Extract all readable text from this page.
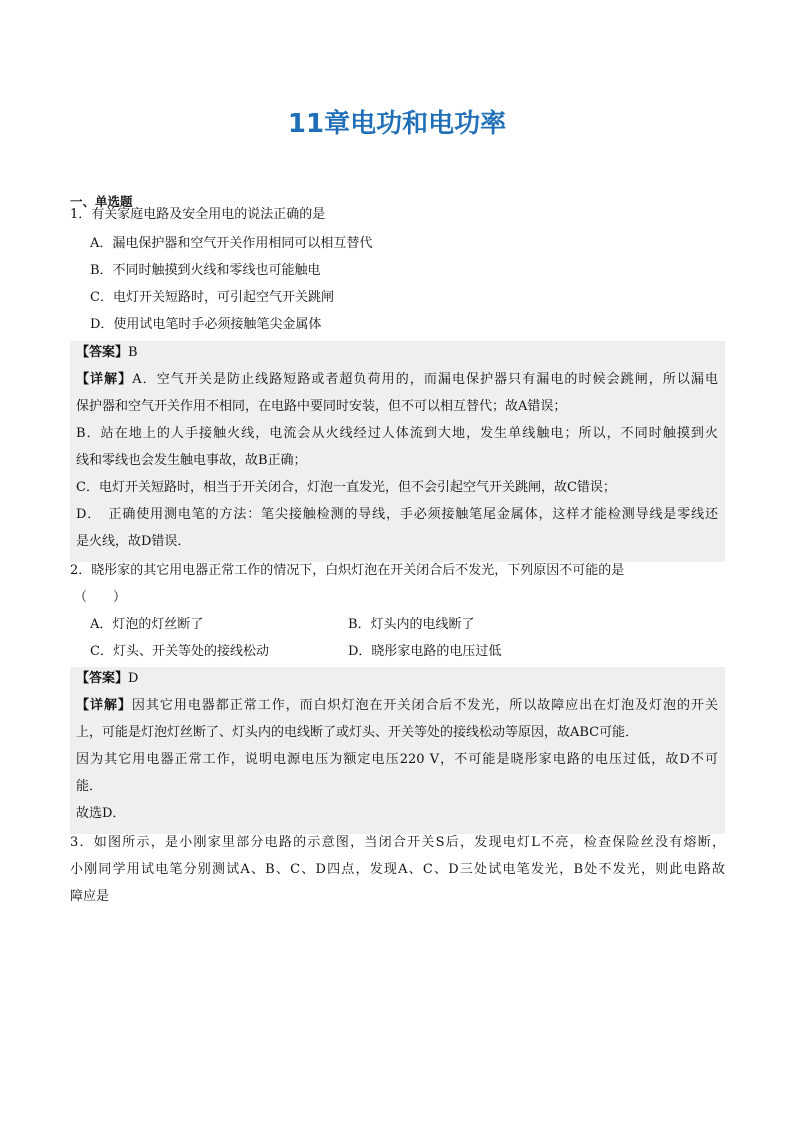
11章电功和电功率
一、单选题
1．有关家庭电路及安全用电的说法正确的是
A．漏电保护器和空气开关作用相同可以相互替代
B．不同时触摸到火线和零线也可能触电
C．电灯开关短路时，可引起空气开关跳闸
D．使用试电笔时手必须接触笔尖金属体
【答案】B
【详解】A．空气开关是防止线路短路或者超负荷用的，而漏电保护器只有漏电的时候会跳闸，所以漏电
保护器和空气开关作用不相同，在电路中要同时安装，但不可以相互替代；故A错误；
B．站在地上的人手接触火线，电流会从火线经过人体流到大地，发生单线触电；所以，不同时触摸到火
线和零线也会发生触电事故，故B正确；
C．电灯开关短路时，相当于开关闭合，灯泡一直发光，但不会引起空气开关跳闸，故C错误；
D．　正确使用测电笔的方法：笔尖接触检测的导线，手必须接触笔尾金属体，这样才能检测导线是零线还
是火线，故D错误．
2．晓彤家的其它用电器正常工作的情况下，白炽灯泡在开关闭合后不发光，下列原因不可能的是
（　　）
A．灯泡的灯丝断了	B．灯头内的电线断了
C．灯头、开关等处的接线松动	D．晓彤家电路的电压过低
【答案】D
【详解】因其它用电器都正常工作，而白炽灯泡在开关闭合后不发光，所以故障应出在灯泡及灯泡的开关
上，可能是灯泡灯丝断了、灯头内的电线断了或灯头、开关等处的接线松动等原因，故ABC可能．
因为其它用电器正常工作，说明电源电压为额定电压220 V，不可能是晓彤家电路的电压过低，故D不可
能．
故选D．
3．如图所示，是小刚家里部分电路的示意图，当闭合开关S后，发现电灯L不亮，检查保险丝没有熔断，
小刚同学用试电笔分别测试A、B、C、D四点，发现A、C、D三处试电笔发光，B处不发光，则此电路故
障应是
